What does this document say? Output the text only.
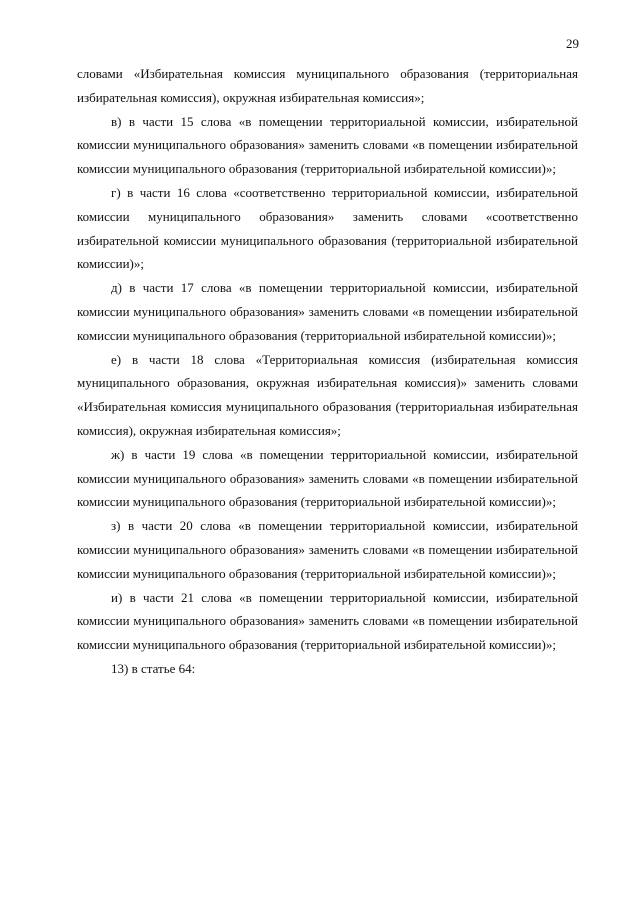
29

словами «Избирательная комиссия муниципального образования (территориальная избирательная комиссия), окружная избирательная комиссия»;

в) в части 15 слова «в помещении территориальной комиссии, избирательной комиссии муниципального образования» заменить словами «в помещении избирательной комиссии муниципального образования (территориальной избирательной комиссии)»;

г) в части 16 слова «соответственно территориальной комиссии, избирательной комиссии муниципального образования» заменить словами «соответственно избирательной комиссии муниципального образования (территориальной избирательной комиссии)»;

д) в части 17 слова «в помещении территориальной комиссии, избирательной комиссии муниципального образования» заменить словами «в помещении избирательной комиссии муниципального образования (территориальной избирательной комиссии)»;

е) в части 18 слова «Территориальная комиссия (избирательная комиссия муниципального образования, окружная избирательная комиссия)» заменить словами «Избирательная комиссия муниципального образования (территориальная избирательная комиссия), окружная избирательная комиссия»;

ж) в части 19 слова «в помещении территориальной комиссии, избирательной комиссии муниципального образования» заменить словами «в помещении избирательной комиссии муниципального образования (территориальной избирательной комиссии)»;

з) в части 20 слова «в помещении территориальной комиссии, избирательной комиссии муниципального образования» заменить словами «в помещении избирательной комиссии муниципального образования (территориальной избирательной комиссии)»;

и) в части 21 слова «в помещении территориальной комиссии, избирательной комиссии муниципального образования» заменить словами «в помещении избирательной комиссии муниципального образования (территориальной избирательной комиссии)»;

13) в статье 64:
